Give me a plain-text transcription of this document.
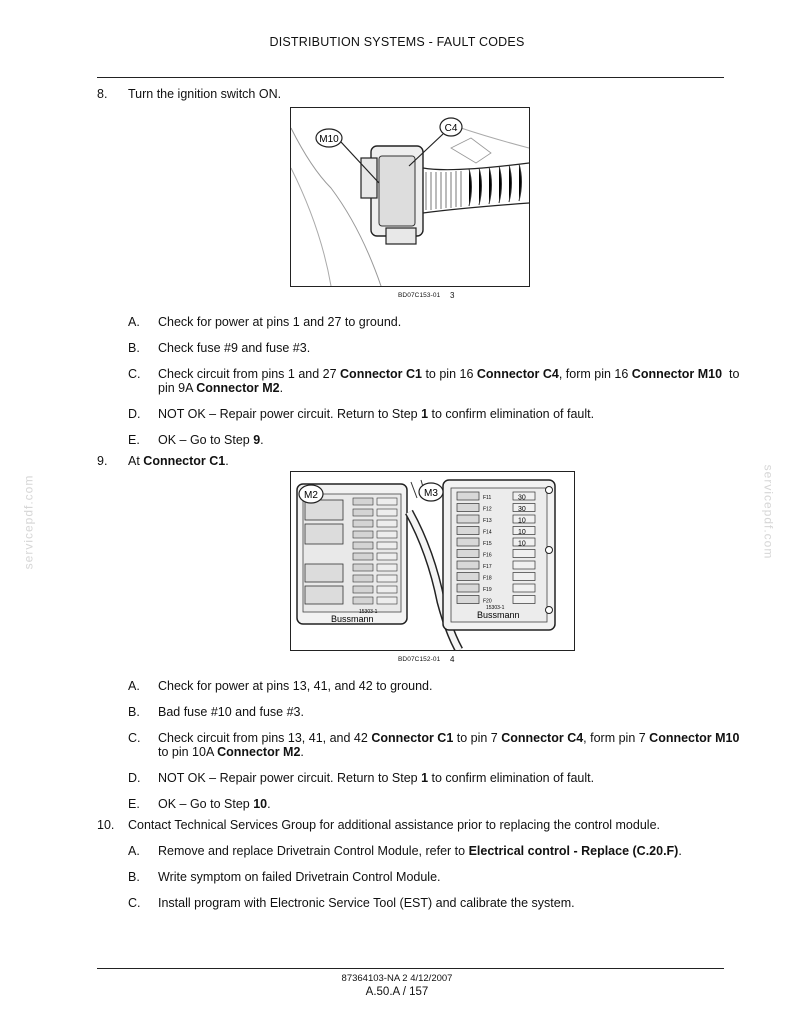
DISTRIBUTION SYSTEMS - FAULT CODES
servicepdf.com	servicepdf.com
8. Turn the ignition switch ON.
M10
C4
BD07C153-01 3
A. Check for power at pins 1 and 27 to ground.
B. Check fuse #9 and fuse #3.
C. Check circuit from pins 1 and 27 Connector C1 to pin 16 Connector C4, form pin 16 Connector M10  to
pin 9A Connector M2.
D. NOT OK – Repair power circuit. Return to Step 1 to confirm elimination of fault.
E. OK – Go to Step 9.
9. At Connector C1.
Bussmann
15303-1
M2	F11	30
F12	30
F13	10
F14	10
F15	10
F16
F17
F18
F19
F20
Bussmann
15303-1
M3
BD07C152-01 4
A. Check for power at pins 13, 41, and 42 to ground.
B. Bad fuse #10 and fuse #3.
C. Check circuit from pins 13, 41, and 42 Connector C1 to pin 7 Connector C4, form pin 7 Connector M10
to pin 10A Connector M2.
D. NOT OK – Repair power circuit. Return to Step 1 to confirm elimination of fault.
E. OK – Go to Step 10.
10. Contact Technical Services Group for additional assistance prior to replacing the control module.
A. Remove and replace Drivetrain Control Module, refer to Electrical control - Replace (C.20.F).
B. Write symptom on failed Drivetrain Control Module.
C. Install program with Electronic Service Tool (EST) and calibrate the system.
87364103-NA 2 4/12/2007
A.50.A / 157
